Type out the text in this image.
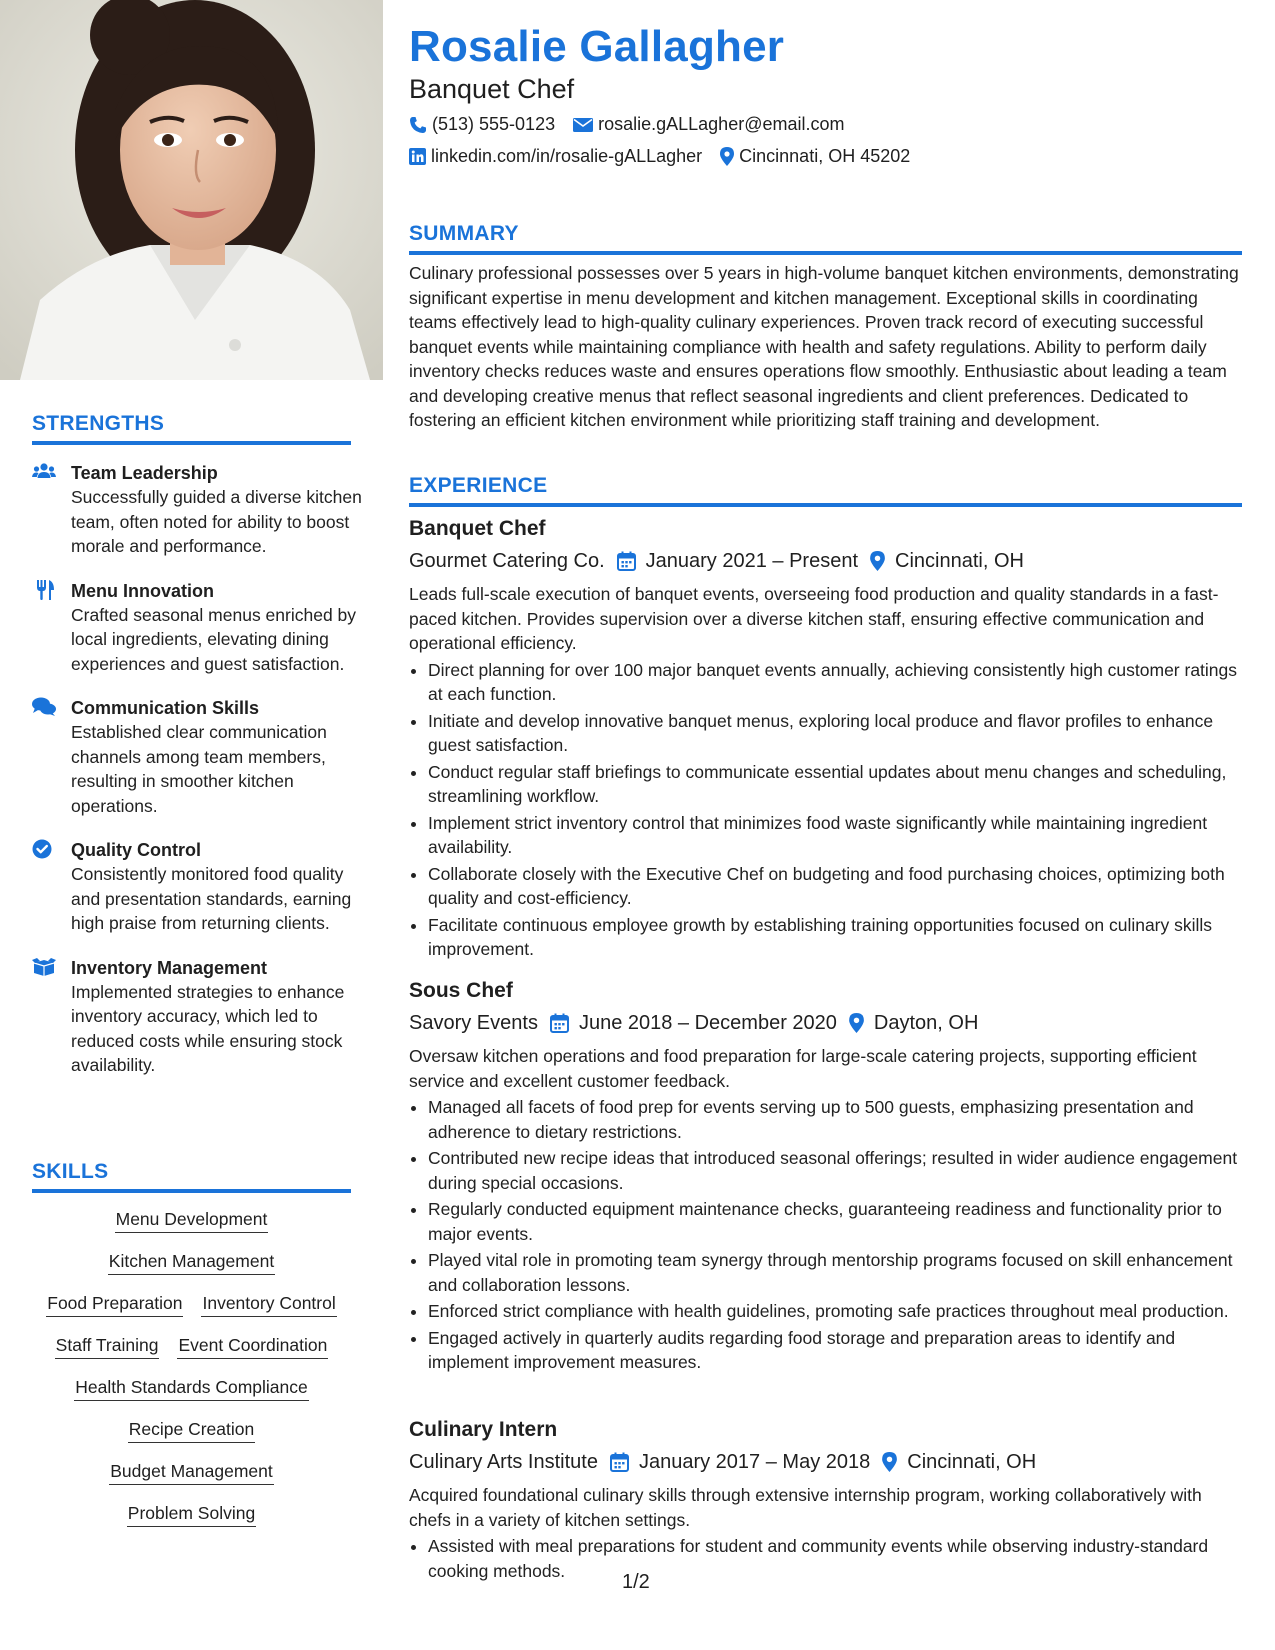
STRENGTHS
Team Leadership
Successfully guided a diverse kitchen team, often noted for ability to boost morale and performance.
Menu Innovation
Crafted seasonal menus enriched by local ingredients, elevating dining experiences and guest satisfaction.
Communication Skills
Established clear communication channels among team members, resulting in smoother kitchen operations.
Quality Control
Consistently monitored food quality and presentation standards, earning high praise from returning clients.
Inventory Management
Implemented strategies to enhance inventory accuracy, which led to reduced costs while ensuring stock availability.
SKILLS
Menu Development
Kitchen Management
Food Preparation Inventory Control
Staff Training Event Coordination
Health Standards Compliance
Recipe Creation
Budget Management
Problem Solving
Rosalie Gallagher
Banquet Chef
(513) 555-0123 rosalie.gALLagher@email.com
linkedin.com/in/rosalie-gALLagher Cincinnati, OH 45202
SUMMARY
Culinary professional possesses over 5 years in high-volume banquet kitchen environments, demonstrating significant expertise in menu development and kitchen management. Exceptional skills in coordinating teams effectively lead to high-quality culinary experiences. Proven track record of executing successful banquet events while maintaining compliance with health and safety regulations. Ability to perform daily inventory checks reduces waste and ensures operations flow smoothly. Enthusiastic about leading a team and developing creative menus that reflect seasonal ingredients and client preferences. Dedicated to fostering an efficient kitchen environment while prioritizing staff training and development.
EXPERIENCE
Banquet Chef
Gourmet Catering Co. January 2021 – Present Cincinnati, OH
Leads full-scale execution of banquet events, overseeing food production and quality standards in a fast-paced kitchen. Provides supervision over a diverse kitchen staff, ensuring effective communication and operational efficiency.
• Direct planning for over 100 major banquet events annually, achieving consistently high customer ratings at each function.
• Initiate and develop innovative banquet menus, exploring local produce and flavor profiles to enhance guest satisfaction.
• Conduct regular staff briefings to communicate essential updates about menu changes and scheduling, streamlining workflow.
• Implement strict inventory control that minimizes food waste significantly while maintaining ingredient availability.
• Collaborate closely with the Executive Chef on budgeting and food purchasing choices, optimizing both quality and cost-efficiency.
• Facilitate continuous employee growth by establishing training opportunities focused on culinary skills improvement.
Sous Chef
Savory Events June 2018 – December 2020 Dayton, OH
Oversaw kitchen operations and food preparation for large-scale catering projects, supporting efficient service and excellent customer feedback.
• Managed all facets of food prep for events serving up to 500 guests, emphasizing presentation and adherence to dietary restrictions.
• Contributed new recipe ideas that introduced seasonal offerings; resulted in wider audience engagement during special occasions.
• Regularly conducted equipment maintenance checks, guaranteeing readiness and functionality prior to major events.
• Played vital role in promoting team synergy through mentorship programs focused on skill enhancement and collaboration lessons.
• Enforced strict compliance with health guidelines, promoting safe practices throughout meal production.
• Engaged actively in quarterly audits regarding food storage and preparation areas to identify and implement improvement measures.
Culinary Intern
Culinary Arts Institute January 2017 – May 2018 Cincinnati, OH
Acquired foundational culinary skills through extensive internship program, working collaboratively with chefs in a variety of kitchen settings.
• Assisted with meal preparations for student and community events while observing industry-standard cooking methods.
1/2
